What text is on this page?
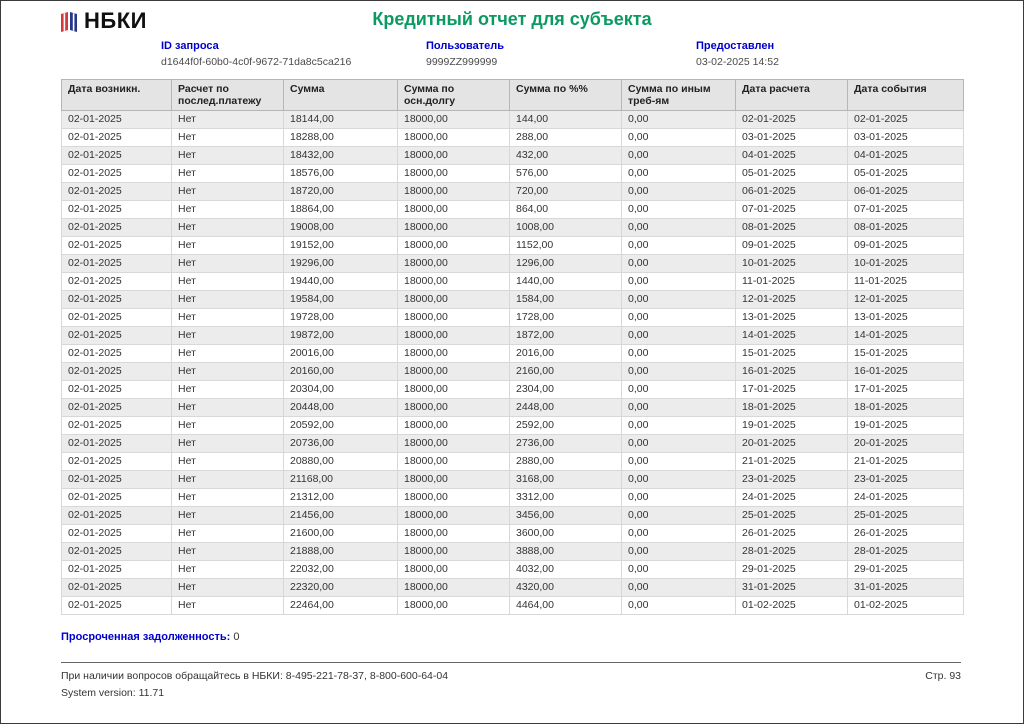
НБКИ	Кредитный отчет для субъекта
ID запроса
d1644f0f-60b0-4c0f-9672-71da8c5ca216
Пользователь
9999ZZ999999
Предоставлен
03-02-2025 14:52
Дата возникн.	Расчет по послед.платежу	Сумма	Сумма по осн.долгу	Сумма по %%	Сумма по иным треб-ям	Дата расчета	Дата события
02-01-2025	Нет	18144,00	18000,00	144,00	0,00	02-01-2025	02-01-2025
02-01-2025	Нет	18288,00	18000,00	288,00	0,00	03-01-2025	03-01-2025
02-01-2025	Нет	18432,00	18000,00	432,00	0,00	04-01-2025	04-01-2025
02-01-2025	Нет	18576,00	18000,00	576,00	0,00	05-01-2025	05-01-2025
02-01-2025	Нет	18720,00	18000,00	720,00	0,00	06-01-2025	06-01-2025
02-01-2025	Нет	18864,00	18000,00	864,00	0,00	07-01-2025	07-01-2025
02-01-2025	Нет	19008,00	18000,00	1008,00	0,00	08-01-2025	08-01-2025
02-01-2025	Нет	19152,00	18000,00	1152,00	0,00	09-01-2025	09-01-2025
02-01-2025	Нет	19296,00	18000,00	1296,00	0,00	10-01-2025	10-01-2025
02-01-2025	Нет	19440,00	18000,00	1440,00	0,00	11-01-2025	11-01-2025
02-01-2025	Нет	19584,00	18000,00	1584,00	0,00	12-01-2025	12-01-2025
02-01-2025	Нет	19728,00	18000,00	1728,00	0,00	13-01-2025	13-01-2025
02-01-2025	Нет	19872,00	18000,00	1872,00	0,00	14-01-2025	14-01-2025
02-01-2025	Нет	20016,00	18000,00	2016,00	0,00	15-01-2025	15-01-2025
02-01-2025	Нет	20160,00	18000,00	2160,00	0,00	16-01-2025	16-01-2025
02-01-2025	Нет	20304,00	18000,00	2304,00	0,00	17-01-2025	17-01-2025
02-01-2025	Нет	20448,00	18000,00	2448,00	0,00	18-01-2025	18-01-2025
02-01-2025	Нет	20592,00	18000,00	2592,00	0,00	19-01-2025	19-01-2025
02-01-2025	Нет	20736,00	18000,00	2736,00	0,00	20-01-2025	20-01-2025
02-01-2025	Нет	20880,00	18000,00	2880,00	0,00	21-01-2025	21-01-2025
02-01-2025	Нет	21168,00	18000,00	3168,00	0,00	23-01-2025	23-01-2025
02-01-2025	Нет	21312,00	18000,00	3312,00	0,00	24-01-2025	24-01-2025
02-01-2025	Нет	21456,00	18000,00	3456,00	0,00	25-01-2025	25-01-2025
02-01-2025	Нет	21600,00	18000,00	3600,00	0,00	26-01-2025	26-01-2025
02-01-2025	Нет	21888,00	18000,00	3888,00	0,00	28-01-2025	28-01-2025
02-01-2025	Нет	22032,00	18000,00	4032,00	0,00	29-01-2025	29-01-2025
02-01-2025	Нет	22320,00	18000,00	4320,00	0,00	31-01-2025	31-01-2025
02-01-2025	Нет	22464,00	18000,00	4464,00	0,00	01-02-2025	01-02-2025
Просроченная задолженность: 0
При наличии вопросов обращайтесь в НБКИ: 8-495-221-78-37, 8-800-600-64-04	Стр. 93
System version: 11.71
